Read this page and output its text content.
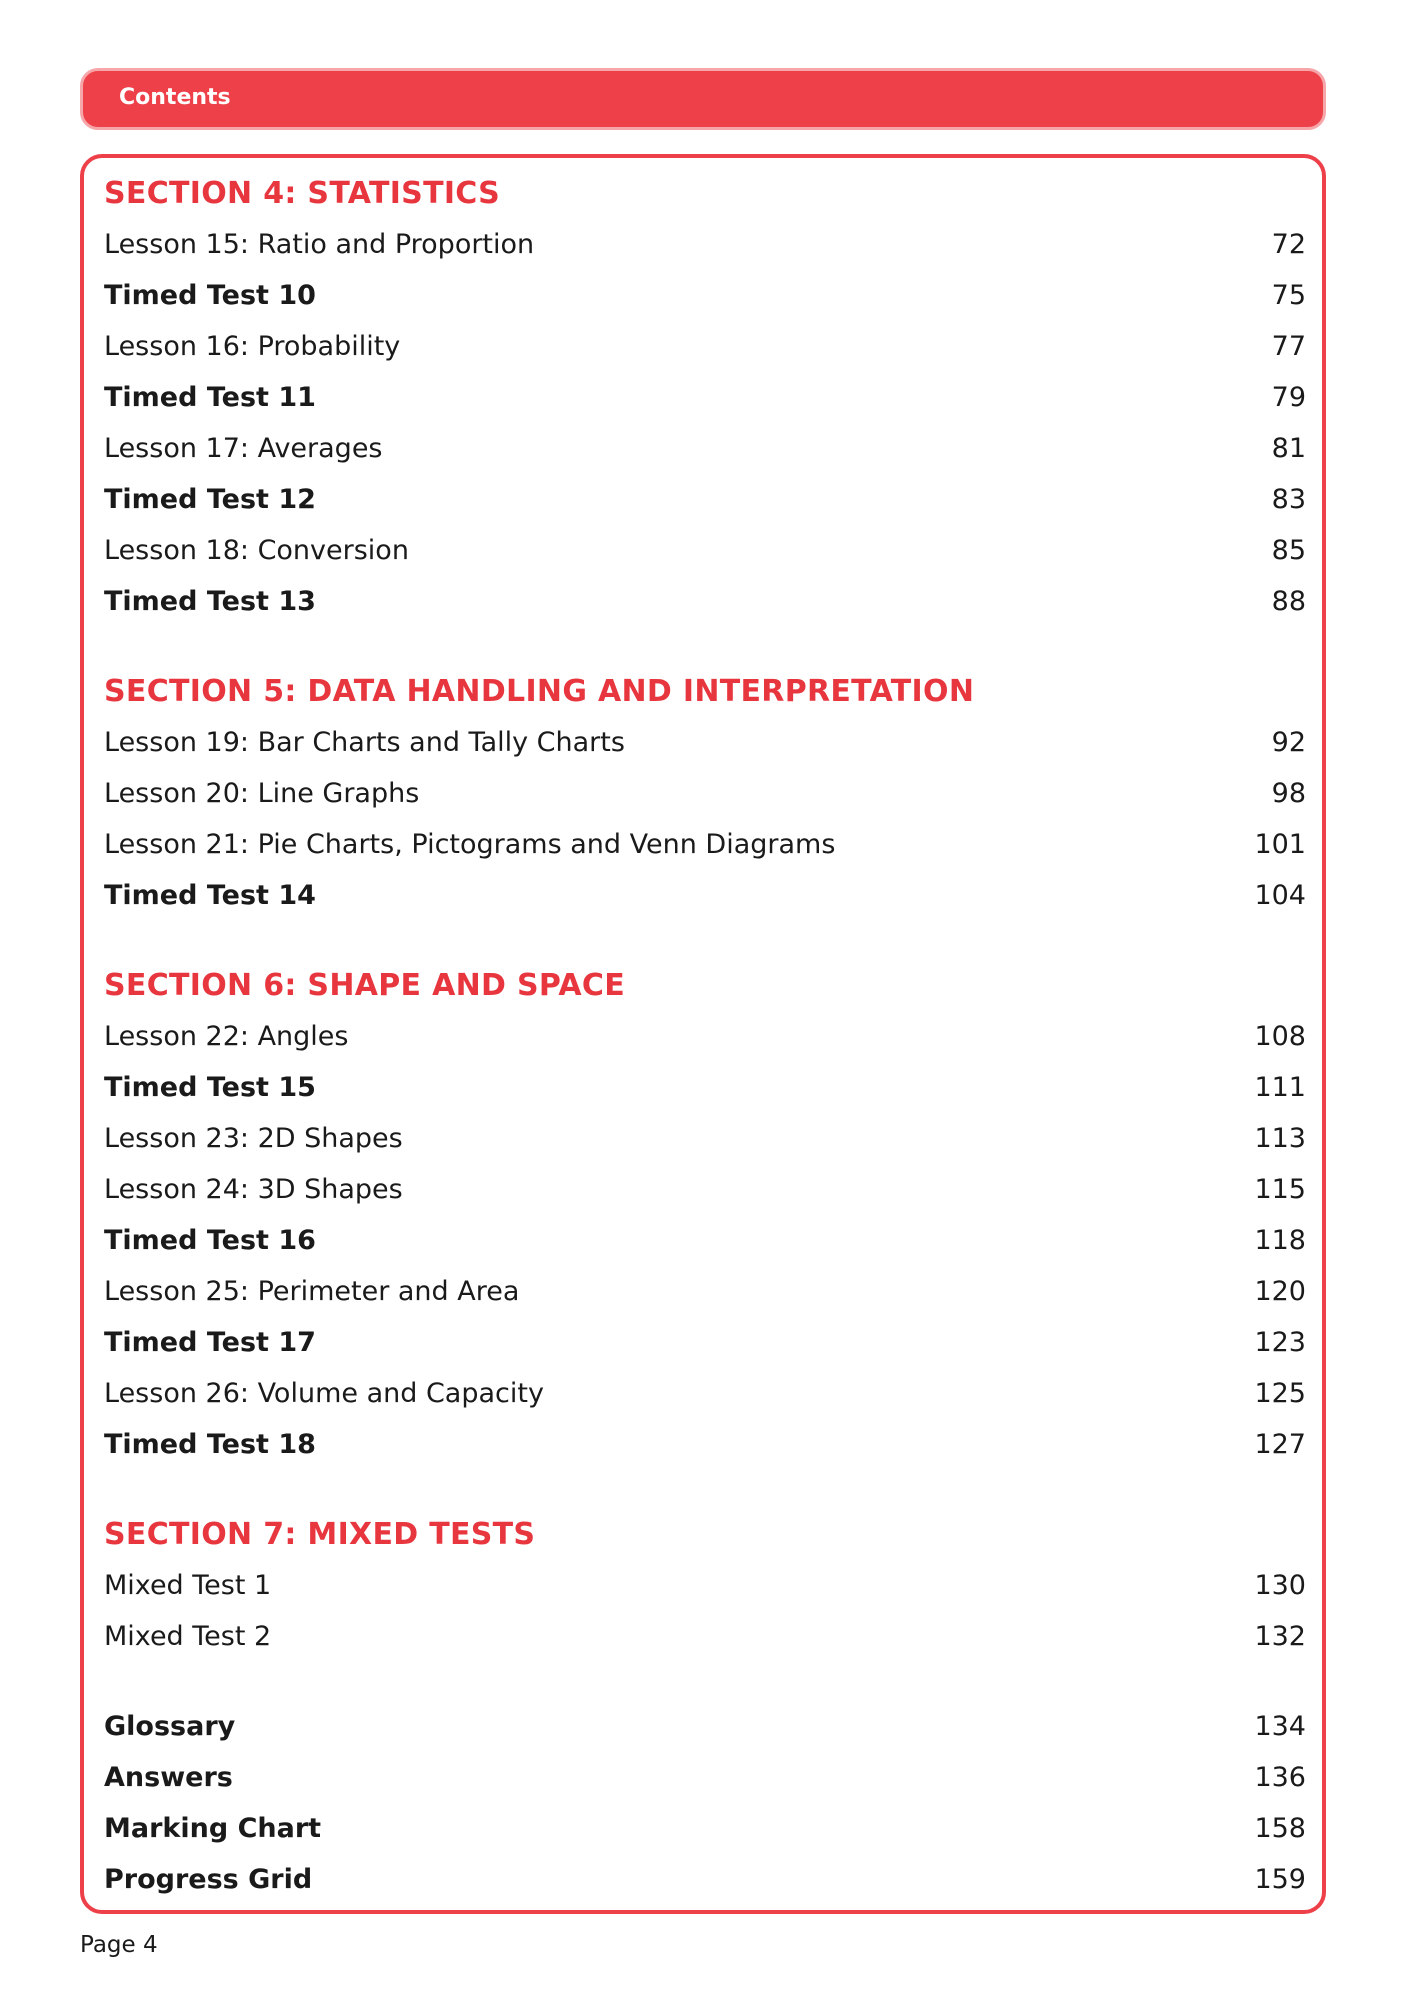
Contents
SECTION 4: STATISTICS
Lesson 15: Ratio and Proportion	72
Timed Test 10	75
Lesson 16: Probability	77
Timed Test 11	79
Lesson 17: Averages	81
Timed Test 12	83
Lesson 18: Conversion	85
Timed Test 13	88
SECTION 5: DATA HANDLING AND INTERPRETATION
Lesson 19: Bar Charts and Tally Charts	92
Lesson 20: Line Graphs	98
Lesson 21: Pie Charts, Pictograms and Venn Diagrams	101
Timed Test 14	104
SECTION 6: SHAPE AND SPACE
Lesson 22: Angles	108
Timed Test 15	111
Lesson 23: 2D Shapes	113
Lesson 24: 3D Shapes	115
Timed Test 16	118
Lesson 25: Perimeter and Area	120
Timed Test 17	123
Lesson 26: Volume and Capacity	125
Timed Test 18	127
SECTION 7: MIXED TESTS
Mixed Test 1	130
Mixed Test 2	132
Glossary	134
Answers	136
Marking Chart	158
Progress Grid	159
Page 4
